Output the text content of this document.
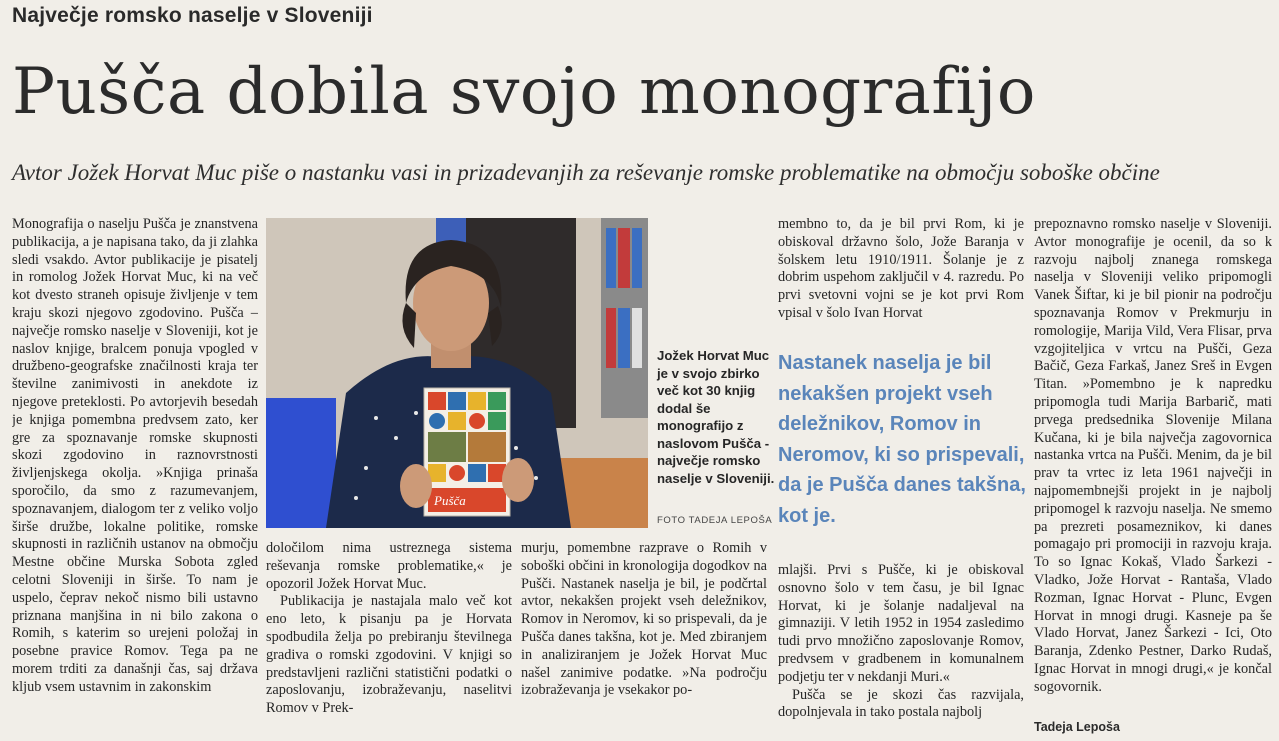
Največje romsko naselje v Sloveniji
Pušča dobila svojo monografijo
Avtor Jožek Horvat Muc piše o nastanku vasi in prizadevanjih za reševanje romske problematike na območju soboške občine

Monografija o naselju Pušča je znanstvena publikacija, a je napisana tako, da ji zlahka sledi vsakdo. Avtor publikacije je pisatelj in romolog Jožek Horvat Muc, ki na več kot dvesto straneh opisuje življenje v tem kraju skozi njegovo zgodovino. Pušča – največje romsko naselje v Sloveniji, kot je naslov knjige, bralcem ponuja vpogled v družbeno-geografske značilnosti kraja ter številne zanimivosti in anekdote iz njegove preteklosti. Po avtorjevih besedah je knjiga pomembna predvsem zato, ker gre za spoznavanje romske skupnosti skozi zgodovino in raznovrstnosti življenjskega okolja. »Knjiga prinaša sporočilo, da smo z razumevanjem, spoznavanjem, dialogom ter z veliko voljo širše družbe, lokalne politike, romske skupnosti in različnih ustanov na območju Mestne občine Murska Sobota zgled celotni Sloveniji in širše. To nam je uspelo, čeprav nekoč nismo bili ustavno priznana manjšina in ni bilo zakona o Romih, s katerim so urejeni položaj in posebne pravice Romov. Tega pa ne morem trditi za današnji čas, saj država kljub vsem ustavnim in zakonskim

Pušča
Jožek Horvat Muc je v svojo zbirko več kot 30 knjig dodal še monografijo z naslovom Pušča - največje romsko naselje v Sloveniji.
FOTO TADEJA LEPOŠA

določilom nima ustreznega sistema reševanja romske problematike,« je opozoril Jožek Horvat Muc.

Publikacija je nastajala malo več kot eno leto, k pisanju pa je Horvata spodbudila želja po prebiranju številnega gradiva o romski zgodovini. V knjigi so predstavljeni različni statistični podatki o zaposlovanju, izobraževanju, naselitvi Romov v Prek-

murju, pomembne razprave o Romih v soboški občini in kronologija dogodkov na Pušči. Nastanek naselja je bil, je podčrtal avtor, nekakšen projekt vseh deležnikov, Romov in Neromov, ki so prispevali, da je Pušča danes takšna, kot je. Med zbiranjem in analiziranjem je Jožek Horvat Muc našel zanimive podatke. »Na področju izobraževanja je vsekakor po-

membno to, da je bil prvi Rom, ki je obiskoval državno šolo, Jože Baranja v šolskem letu 1910/1911. Šolanje je z dobrim uspehom zaključil v 4. razredu. Po prvi svetovni vojni se je kot prvi Rom vpisal v šolo Ivan Horvat

Nastanek naselja je bil nekakšen projekt vseh deležnikov, Romov in Neromov, ki so prispevali, da je Pušča danes takšna, kot je.

mlajši. Prvi s Pušče, ki je obiskoval osnovno šolo v tem času, je bil Ignac Horvat, ki je šolanje nadaljeval na gimnaziji. V letih 1952 in 1954 zasledimo tudi prvo množično zaposlovanje Romov, predvsem v gradbenem in komunalnem podjetju ter v nekdanji Muri.«

Pušča se je skozi čas razvijala, dopolnjevala in tako postala najbolj

prepoznavno romsko naselje v Sloveniji. Avtor monografije je ocenil, da so k razvoju najbolj znanega romskega naselja v Sloveniji veliko pripomogli Vanek Šiftar, ki je bil pionir na področju spoznavanja Romov v Prekmurju in romologije, Marija Vild, Vera Flisar, prva vzgojiteljica v vrtcu na Pušči, Geza Bačič, Geza Farkaš, Janez Sreš in Evgen Titan. »Pomembno je k napredku pripomogla tudi Marija Barbarič, mati prvega predsednika Slovenije Milana Kučana, ki je bila največja zagovornica nastanka vrtca na Pušči. Menim, da je bil prav ta vrtec iz leta 1961 največji in najpomembnejši projekt in je najbolj pripomogel k razvoju naselja. Ne smemo pa prezreti posameznikov, ki danes pomagajo pri promociji in razvoju kraja. To so Ignac Kokaš, Vlado Šarkezi - Vladko, Jože Horvat - Rantaša, Vlado Rozman, Ignac Horvat - Plunc, Evgen Horvat in mnogi drugi. Kasneje pa še Vlado Horvat, Janez Šarkezi - Ici, Oto Baranja, Zdenko Pestner, Darko Rudaš, Ignac Horvat in mnogi drugi,« je končal sogovornik.

Tadeja Lepoša
